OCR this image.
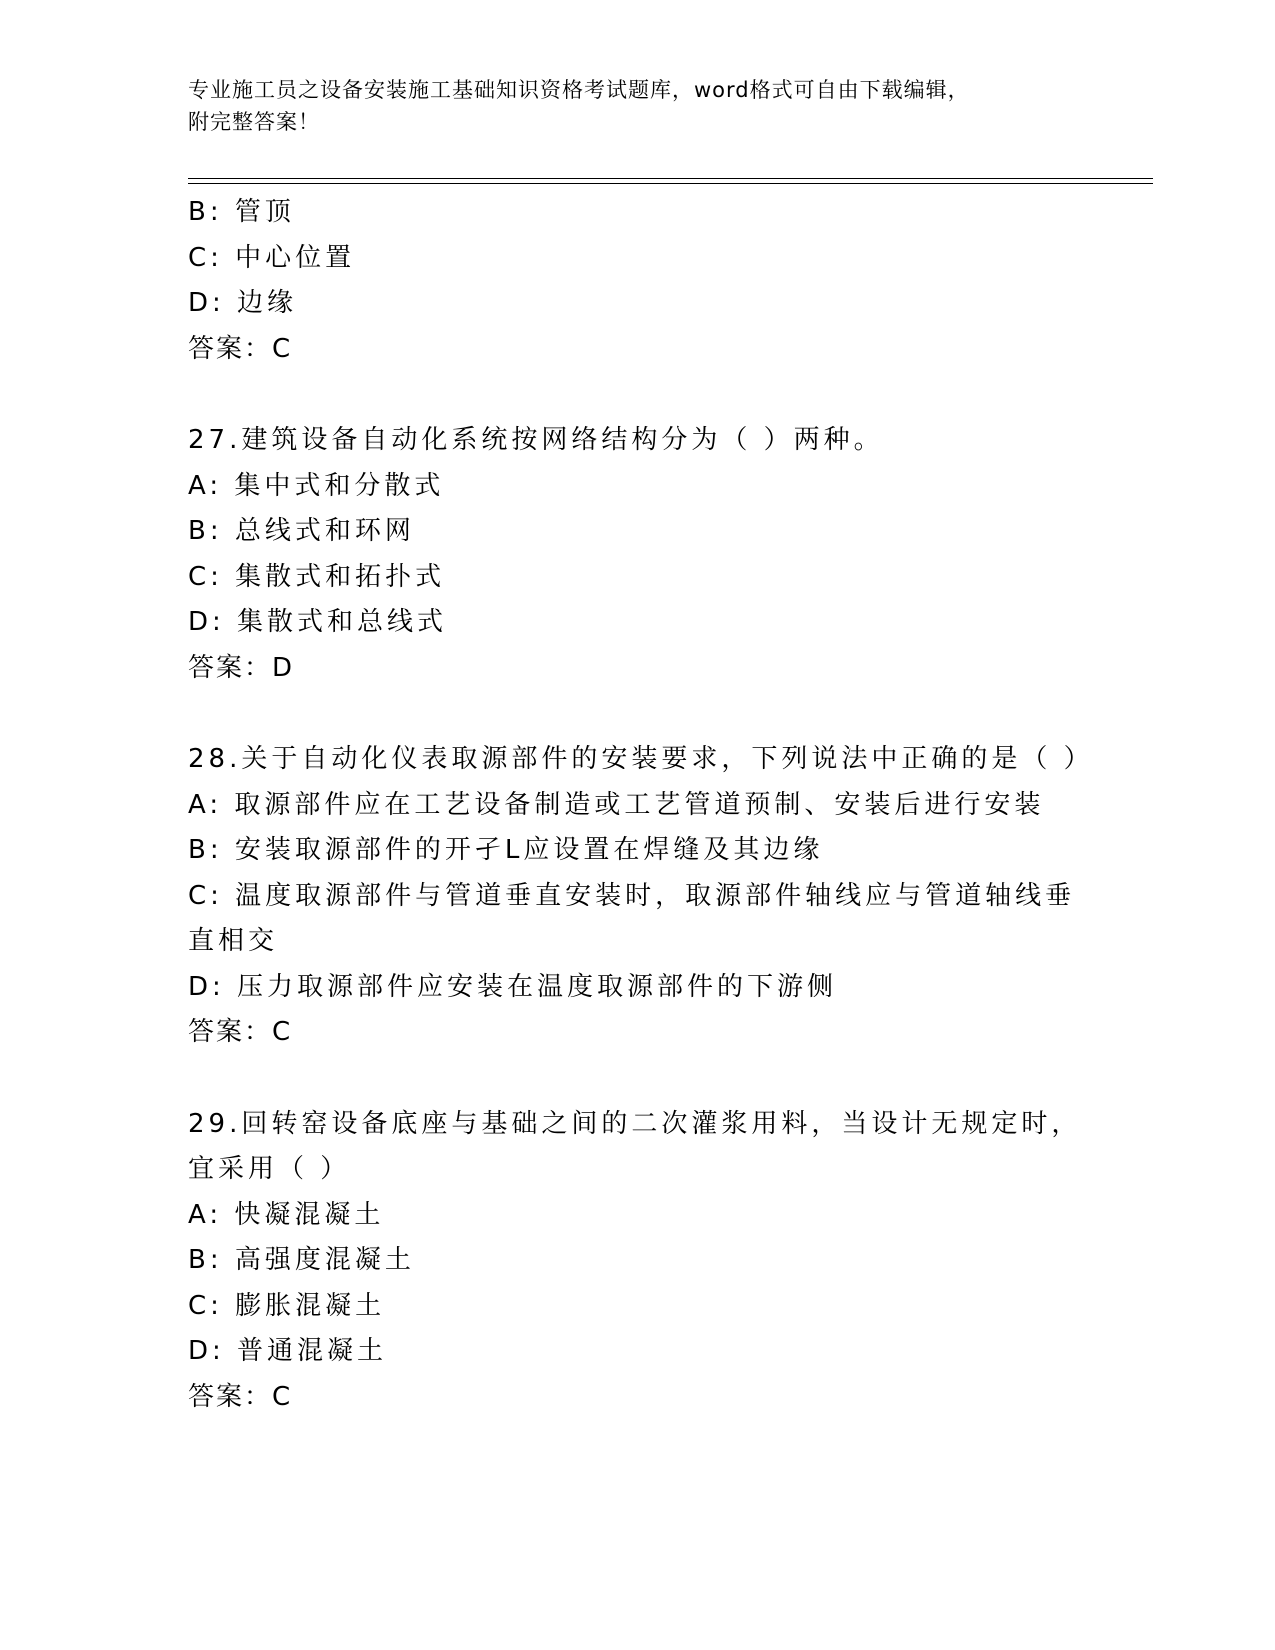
专业施工员之设备安装施工基础知识资格考试题库，word格式可自由下载编辑，
附完整答案！
B: 管顶
C: 中心位置
D: 边缘
答案：C
27.建筑设备自动化系统按网络结构分为（ ）两种。
A: 集中式和分散式
B: 总线式和环网
C: 集散式和拓扑式
D: 集散式和总线式
答案：D
28.关于自动化仪表取源部件的安装要求，下列说法中正确的是（ ）
A: 取源部件应在工艺设备制造或工艺管道预制、安装后进行安装
B: 安装取源部件的开孑L应设置在焊缝及其边缘
C: 温度取源部件与管道垂直安装时，取源部件轴线应与管道轴线垂直相交
D: 压力取源部件应安装在温度取源部件的下游侧
答案：C
29.回转窑设备底座与基础之间的二次灌浆用料，当设计无规定时，宜采用（ ）
A: 快凝混凝土
B: 高强度混凝土
C: 膨胀混凝土
D: 普通混凝土
答案：C
